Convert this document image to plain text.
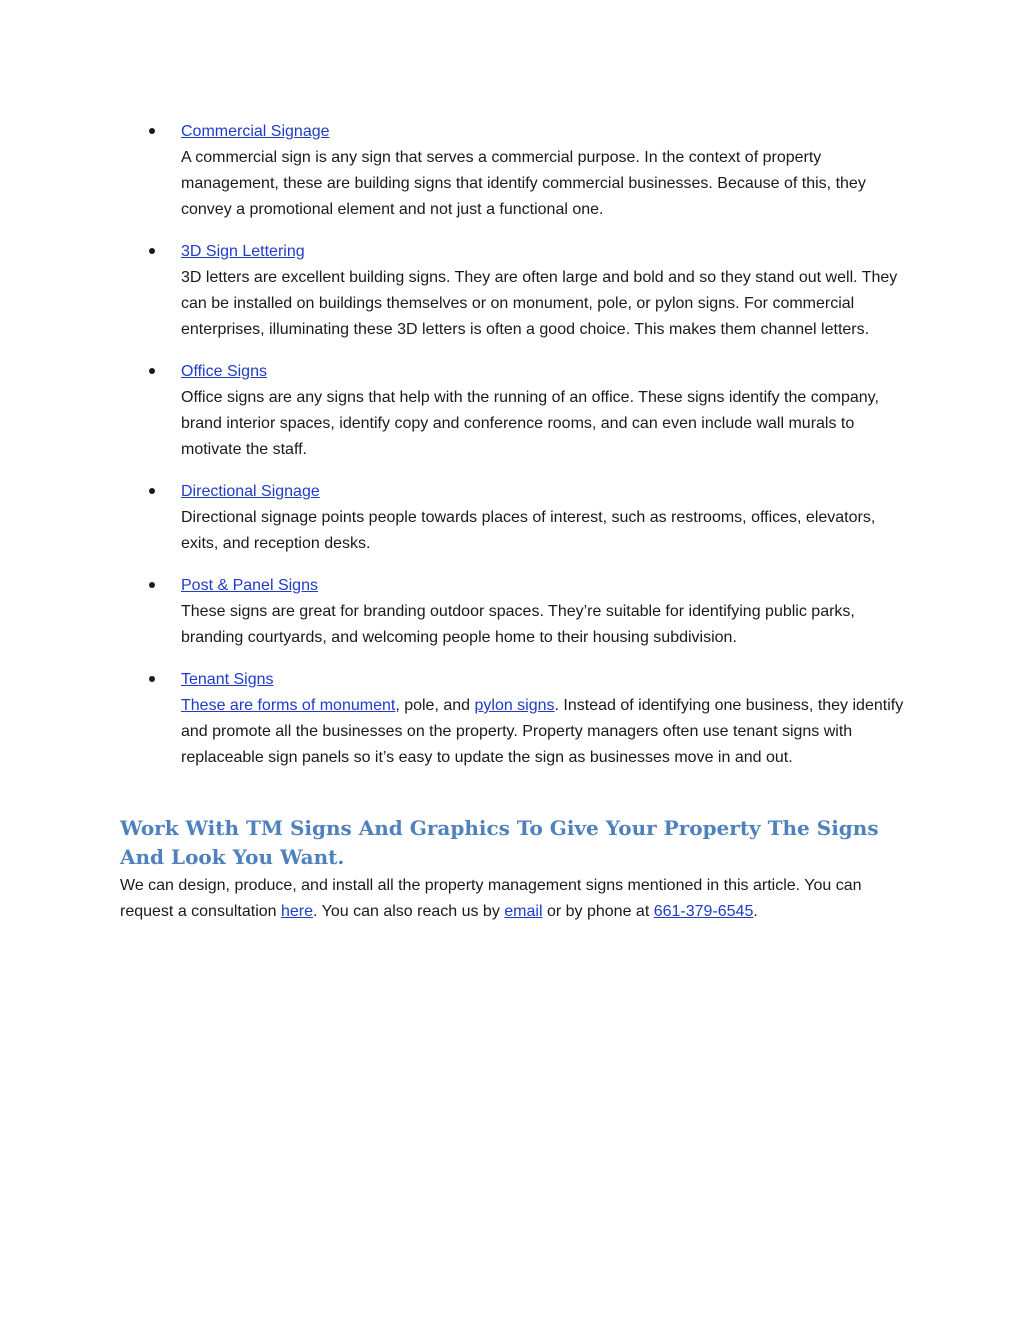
Commercial Signage

A commercial sign is any sign that serves a commercial purpose. In the context of property management, these are building signs that identify commercial businesses. Because of this, they convey a promotional element and not just a functional one.

3D Sign Lettering

3D letters are excellent building signs. They are often large and bold and so they stand out well. They can be installed on buildings themselves or on monument, pole, or pylon signs. For commercial enterprises, illuminating these 3D letters is often a good choice. This makes them channel letters.

Office Signs

Office signs are any signs that help with the running of an office. These signs identify the company, brand interior spaces, identify copy and conference rooms, and can even include wall murals to motivate the staff.

Directional Signage

Directional signage points people towards places of interest, such as restrooms, offices, elevators, exits, and reception desks.

Post & Panel Signs

These signs are great for branding outdoor spaces. They’re suitable for identifying public parks, branding courtyards, and welcoming people home to their housing subdivision.

Tenant Signs

These are forms of monument, pole, and pylon signs. Instead of identifying one business, they identify and promote all the businesses on the property. Property managers often use tenant signs with replaceable sign panels so it’s easy to update the sign as businesses move in and out.

Work With TM Signs And Graphics To Give Your Property The Signs And Look You Want.

We can design, produce, and install all the property management signs mentioned in this article. You can request a consultation here. You can also reach us by email or by phone at 661-379-6545.
